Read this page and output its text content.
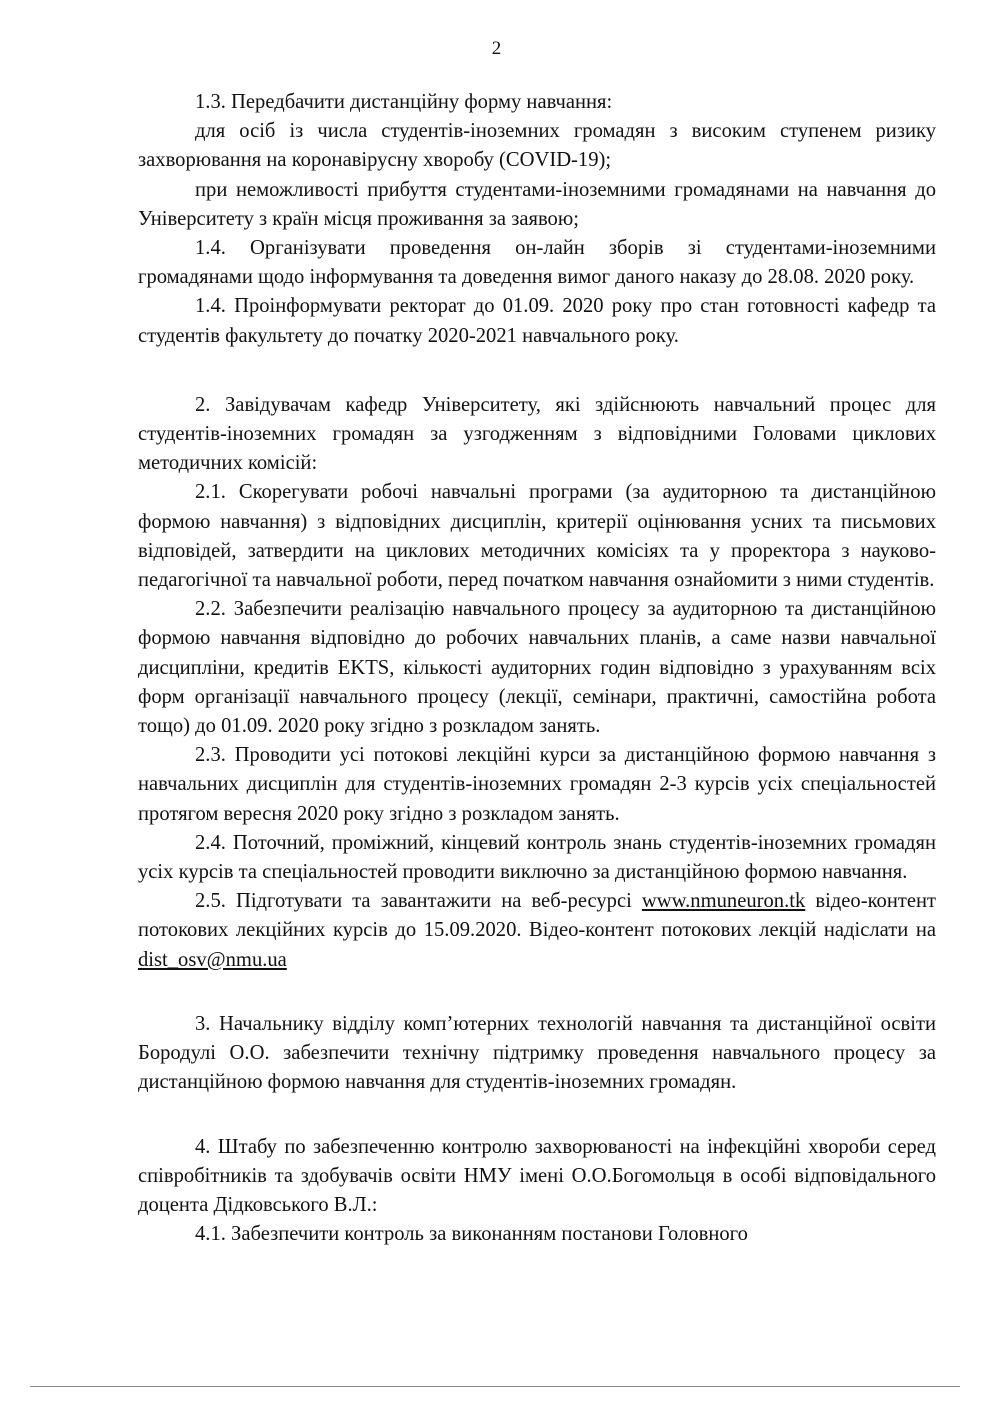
2

1.3. Передбачити дистанційну форму навчання:

для осіб із числа студентів-іноземних громадян з високим ступенем ризику захворювання на коронавірусну хворобу (COVID-19);

при неможливості прибуття студентами-іноземними громадянами на навчання до Університету з країн місця проживання за заявою;

1.4. Організувати проведення он-лайн зборів зі студентами-іноземними громадянами щодо інформування та доведення вимог даного наказу до 28.08. 2020 року.

1.4. Проінформувати ректорат до 01.09. 2020 року про стан готовності кафедр та студентів факультету до початку 2020-2021 навчального року.

2. Завідувачам кафедр Університету, які здійснюють навчальний процес для студентів-іноземних громадян за узгодженням з відповідними Головами циклових методичних комісій:

2.1. Скорегувати робочі навчальні програми (за аудиторною та дистанційною формою навчання) з відповідних дисциплін, критерії оцінювання усних та письмових відповідей, затвердити на циклових методичних комісіях та у проректора з науково-педагогічної та навчальної роботи, перед початком навчання ознайомити з ними студентів.

2.2. Забезпечити реалізацію навчального процесу за аудиторною та дистанційною формою навчання відповідно до робочих навчальних планів, а саме назви навчальної дисципліни, кредитів EKTS, кількості аудиторних годин відповідно з урахуванням всіх форм організації навчального процесу (лекції, семінари, практичні, самостійна робота тощо) до 01.09. 2020 року згідно з розкладом занять.

2.3. Проводити усі потокові лекційні курси за дистанційною формою навчання з навчальних дисциплін для студентів-іноземних громадян 2-3 курсів усіх спеціальностей протягом вересня 2020 року згідно з розкладом занять.

2.4. Поточний, проміжний, кінцевий контроль знань студентів-іноземних громадян усіх курсів та спеціальностей проводити виключно за дистанційною формою навчання.

2.5. Підготувати та завантажити на веб-ресурсі www.nmuneuron.tk відео-контент потокових лекційних курсів до 15.09.2020. Відео-контент потокових лекцій надіслати на dist_osv@nmu.ua

3. Начальнику відділу комп’ютерних технологій навчання та дистанційної освіти Бородулі О.О. забезпечити технічну підтримку проведення навчального процесу за дистанційною формою навчання для студентів-іноземних громадян.

4. Штабу по забезпеченню контролю захворюваності на інфекційні хвороби серед співробітників та здобувачів освіти НМУ імені О.О.Богомольця в особі відповідального доцента Дідковського В.Л.:

4.1. Забезпечити контроль за виконанням постанови Головного
